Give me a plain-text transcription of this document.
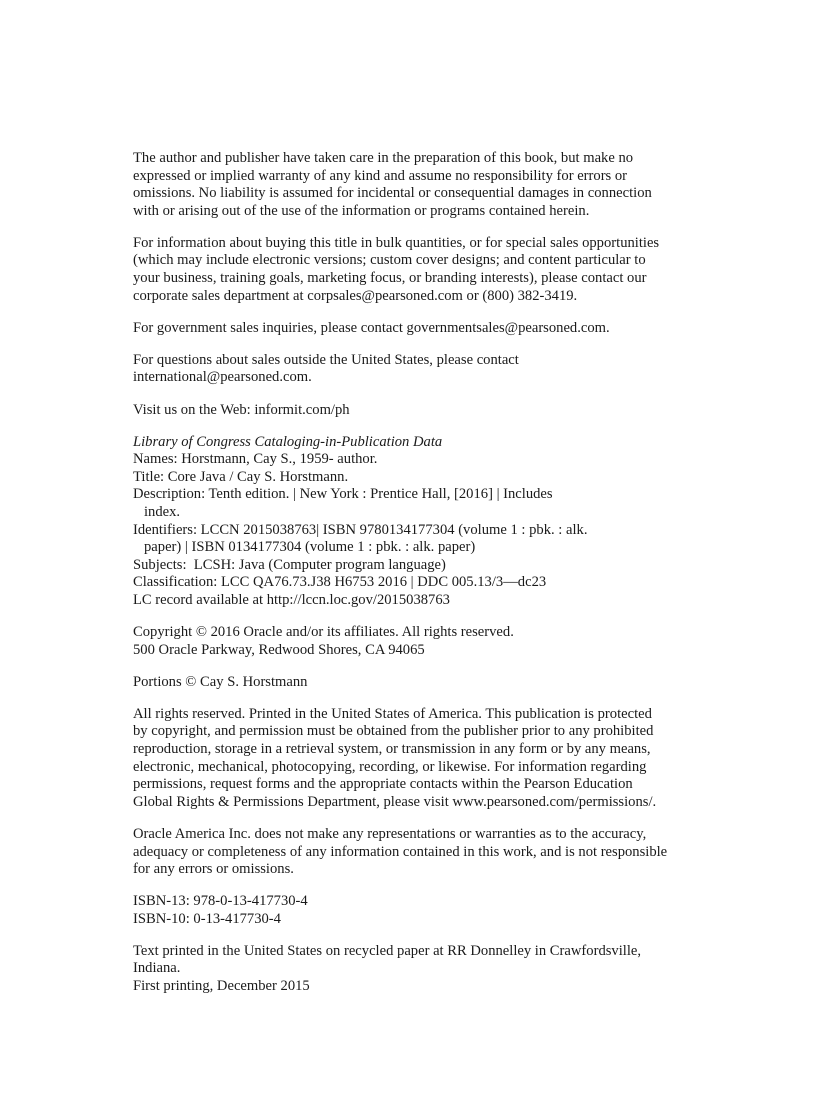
The author and publisher have taken care in the preparation of this book, but make no
expressed or implied warranty of any kind and assume no responsibility for errors or
omissions. No liability is assumed for incidental or consequential damages in connection
with or arising out of the use of the information or programs contained herein.

For information about buying this title in bulk quantities, or for special sales opportunities
(which may include electronic versions; custom cover designs; and content particular to
your business, training goals, marketing focus, or branding interests), please contact our
corporate sales department at corpsales@pearsoned.com or (800) 382-3419.

For government sales inquiries, please contact governmentsales@pearsoned.com.

For questions about sales outside the United States, please contact
international@pearsoned.com.

Visit us on the Web: informit.com/ph

Library of Congress Cataloging-in-Publication Data
Names: Horstmann, Cay S., 1959- author.
Title: Core Java / Cay S. Horstmann.
Description: Tenth edition. | New York : Prentice Hall, [2016] | Includes
index.
Identifiers: LCCN 2015038763| ISBN 9780134177304 (volume 1 : pbk. : alk.
paper) | ISBN 0134177304 (volume 1 : pbk. : alk. paper)
Subjects:  LCSH: Java (Computer program language)
Classification: LCC QA76.73.J38 H6753 2016 | DDC 005.13/3—dc23
LC record available at http://lccn.loc.gov/2015038763

Copyright © 2016 Oracle and/or its affiliates. All rights reserved.
500 Oracle Parkway, Redwood Shores, CA 94065

Portions © Cay S. Horstmann

All rights reserved. Printed in the United States of America. This publication is protected
by copyright, and permission must be obtained from the publisher prior to any prohibited
reproduction, storage in a retrieval system, or transmission in any form or by any means,
electronic, mechanical, photocopying, recording, or likewise. For information regarding
permissions, request forms and the appropriate contacts within the Pearson Education
Global Rights & Permissions Department, please visit www.pearsoned.com/permissions/.

Oracle America Inc. does not make any representations or warranties as to the accuracy,
adequacy or completeness of any information contained in this work, and is not responsible
for any errors or omissions.

ISBN-13: 978-0-13-417730-4
ISBN-10: 0-13-417730-4

Text printed in the United States on recycled paper at RR Donnelley in Crawfordsville,
Indiana.
First printing, December 2015
